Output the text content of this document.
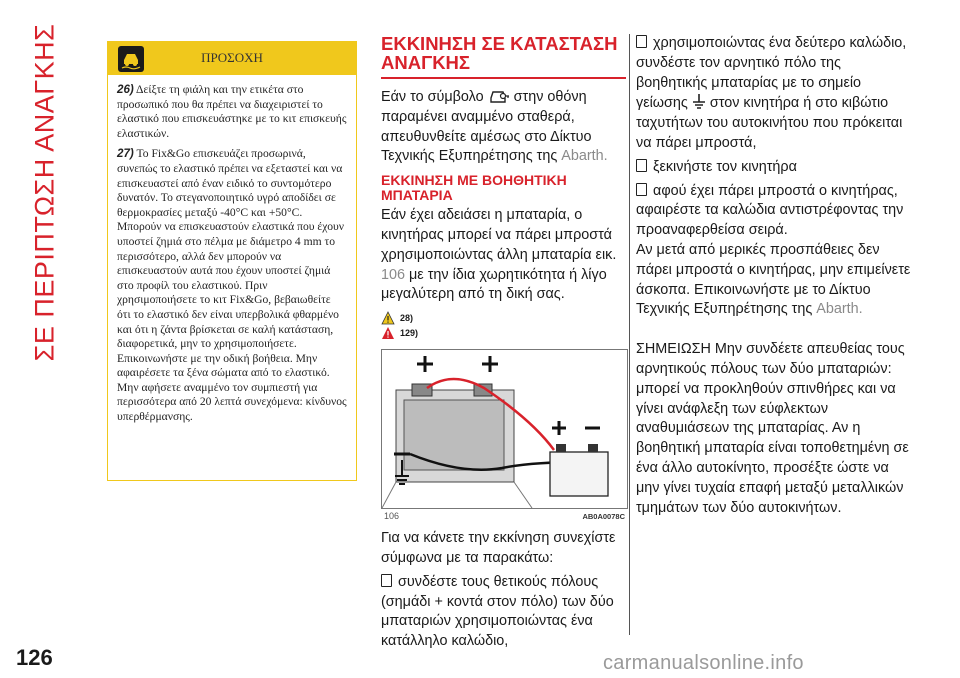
ΣΕ ΠΕΡΙΠΤΩΣΗ ΑΝΑΓΚΗΣ	ΠΡΟΣΟΧΗ

26) Δείξτε τη φιάλη και την ετικέτα στο προσωπικό που θα πρέπει να διαχειριστεί το ελαστικό που επισκευάστηκε με το κιτ επισκευής ελαστικών.

27) Το Fix&Go επισκευάζει προσωρινά, συνεπώς το ελαστικό πρέπει να εξεταστεί και να επισκευαστεί από έναν ειδικό το συντομότερο δυνατόν. Το στεγανοποιητικό υγρό αποδίδει σε θερμοκρασίες μεταξύ -40°C και +50°C. Μπορούν να επισκευαστούν ελαστικά που έχουν υποστεί ζημιά στο πέλμα με διάμετρο 4 mm το περισσότερο, αλλά δεν μπορούν να επισκευαστούν αυτά που έχουν υποστεί ζημιά στο προφίλ του ελαστικού. Πριν χρησιμοποιήσετε το κιτ Fix&Go, βεβαιωθείτε ότι το ελαστικό δεν είναι υπερβολικά φθαρμένο και ότι η ζάντα βρίσκεται σε καλή κατάσταση, διαφορετικά, μην το χρησιμοποιήσετε. Επικοινωνήστε με την οδική βοήθεια. Μην αφαιρέσετε τα ξένα σώματα από το ελαστικό. Μην αφήσετε αναμμένο τον συμπιεστή για περισσότερα από 20 λεπτά συνεχόμενα: κίνδυνος υπερθέρμανσης.

ΕΚΚΙΝΗΣΗ ΣΕ ΚΑΤΑΣΤΑΣΗ ΑΝΑΓΚΗΣ

Εάν το σύμβολο στην οθόνη παραμένει αναμμένο σταθερά, απευθυνθείτε αμέσως στο Δίκτυο Τεχνικής Εξυπηρέτησης της Abarth.

ΕΚΚΙΝΗΣΗ ΜΕ ΒΟΗΘΗΤΙΚΗ ΜΠΑΤΑΡΙΑ

Εάν έχει αδειάσει η μπαταρία, ο κινητήρας μπορεί να πάρει μπροστά χρησιμοποιώντας άλλη μπαταρία εικ. 106 με την ίδια χωρητικότητα ή λίγο μεγαλύτερη από τη δική σας.

28)
129)
106	AB0A0078C

Για να κάνετε την εκκίνηση συνεχίστε σύμφωνα με τα παρακάτω:

συνδέστε τους θετικούς πόλους (σημάδι + κοντά στον πόλο) των δύο μπαταριών χρησιμοποιώντας ένα κατάλληλο καλώδιο,

χρησιμοποιώντας ένα δεύτερο καλώδιο, συνδέστε τον αρνητικό πόλο της βοηθητικής μπαταρίας με το σημείο γείωσης στον κινητήρα ή στο κιβώτιο ταχυτήτων του αυτοκινήτου που πρόκειται να πάρει μπροστά,

ξεκινήστε τον κινητήρα

αφού έχει πάρει μπροστά ο κινητήρας, αφαιρέστε τα καλώδια αντιστρέφοντας την προαναφερθείσα σειρά.

Αν μετά από μερικές προσπάθειες δεν πάρει μπροστά ο κινητήρας, μην επιμείνετε άσκοπα. Επικοινωνήστε με το Δίκτυο Τεχνικής Εξυπηρέτησης της Abarth.

ΣΗΜΕΙΩΣΗ Μην συνδέετε απευθείας τους αρνητικούς πόλους των δύο μπαταριών: μπορεί να προκληθούν σπινθήρες και να γίνει ανάφλεξη των εύφλεκτων αναθυμιάσεων της μπαταρίας. Αν η βοηθητική μπαταρία είναι τοποθετημένη σε ένα άλλο αυτοκίνητο, προσέξτε ώστε να μην γίνει τυχαία επαφή μεταξύ μεταλλικών τμημάτων των δύο αυτοκινήτων.

126	carmanualsonline.info
